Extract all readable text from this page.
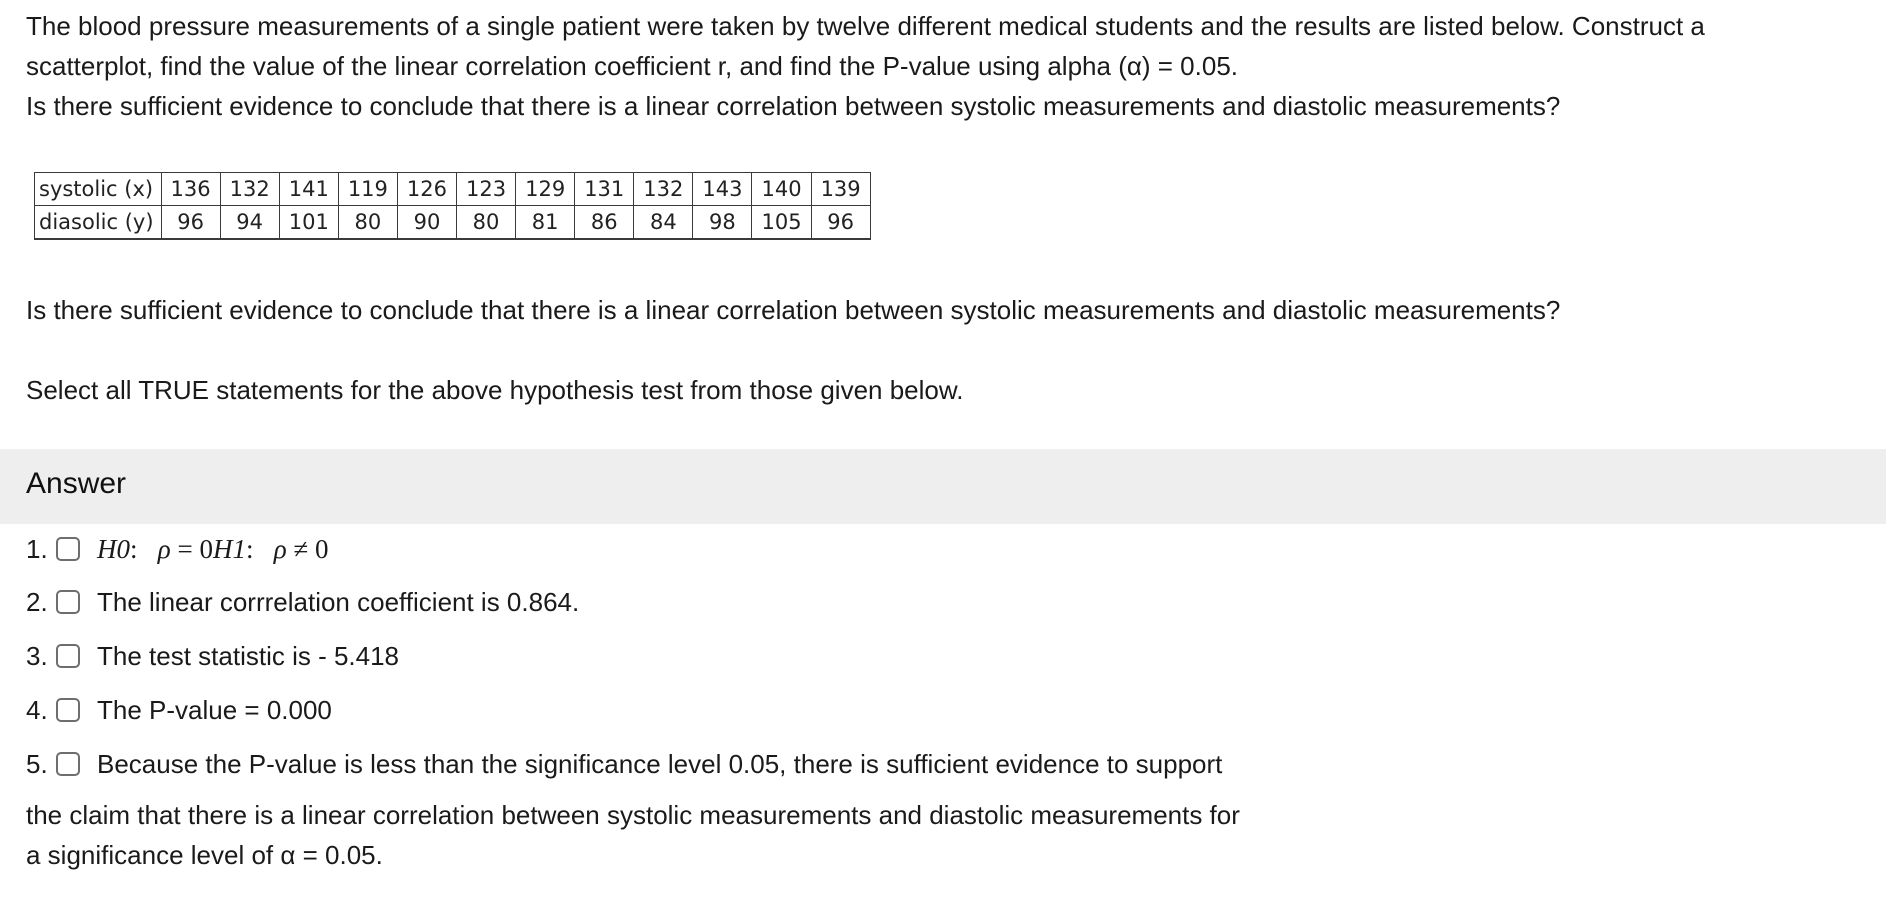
The blood pressure measurements of a single patient were taken by twelve different medical students and the results are listed below. Construct a

scatterplot, find the value of the linear correlation coefficient r, and find the P-value using alpha (α) = 0.05.

Is there sufficient evidence to conclude that there is a linear correlation between systolic measurements and diastolic measurements?

systolic (x)	136	132	141	119	126	123	129	131	132	143	140	139
diasolic (y)	96	94	101	80	90	80	81	86	84	98	105	96

Is there sufficient evidence to conclude that there is a linear correlation between systolic measurements and diastolic measurements?

Select all TRUE statements for the above hypothesis test from those given below.

Answer
1.	H0: ρ = 0H1: ρ ≠ 0
2.	The linear corrrelation coefficient is 0.864.
3.	The test statistic is - 5.418
4.	The P-value = 0.000
5.	Because the P-value is less than the significance level 0.05, there is sufficient evidence to support

the claim that there is a linear correlation between systolic measurements and diastolic measurements for

a significance level of α = 0.05.
